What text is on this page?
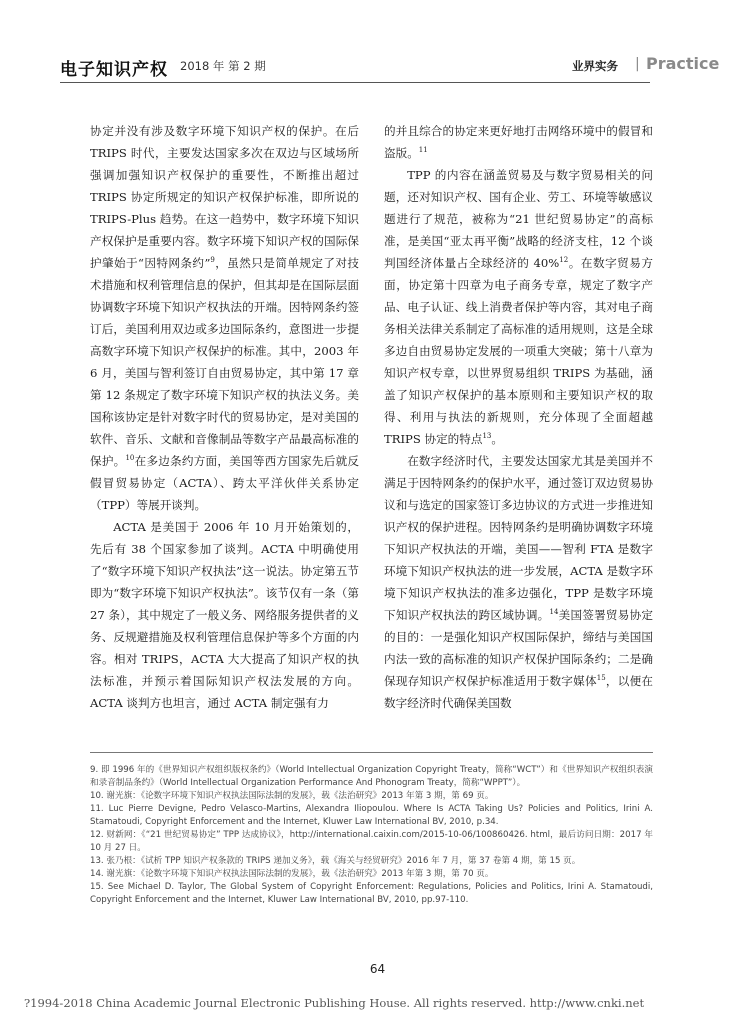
电子知识产权 2018 年 第 2 期	业界实务 | Practice

协定并没有涉及数字环境下知识产权的保护。在后 TRIPS 时代，主要发达国家多次在双边与区域场所强调加强知识产权保护的重要性，不断推出超过 TRIPS 协定所规定的知识产权保护标准，即所说的 TRIPS-Plus 趋势。在这一趋势中，数字环境下知识产权保护是重要内容。数字环境下知识产权的国际保护肇始于“因特网条约”$^9$，虽然只是简单规定了对技术措施和权利管理信息的保护，但其却是在国际层面协调数字环境下知识产权执法的开端。因特网条约签订后，美国利用双边或多边国际条约，意图进一步提高数字环境下知识产权保护的标准。其中，2003 年 6 月，美国与智利签订自由贸易协定，其中第 17 章第 12 条规定了数字环境下知识产权的执法义务。美国称该协定是针对数字时代的贸易协定，是对美国的软件、音乐、文献和音像制品等数字产品最高标准的保护。$^{10}$在多边条约方面，美国等西方国家先后就反假冒贸易协定（ACTA）、跨太平洋伙伴关系协定（TPP）等展开谈判。

ACTA 是美国于 2006 年 10 月开始策划的，先后有 38 个国家参加了谈判。ACTA 中明确使用了“数字环境下知识产权执法”这一说法。协定第五节即为“数字环境下知识产权执法”。该节仅有一条（第 27 条），其中规定了一般义务、网络服务提供者的义务、反规避措施及权利管理信息保护等多个方面的内容。相对 TRIPS，ACTA 大大提高了知识产权的执法标准，并预示着国际知识产权法发展的方向。ACTA 谈判方也坦言，通过 ACTA 制定强有力

的并且综合的协定来更好地打击网络环境中的假冒和盗版。$^{11}$

TPP 的内容在涵盖贸易及与数字贸易相关的问题，还对知识产权、国有企业、劳工、环境等敏感议题进行了规范，被称为“21 世纪贸易协定”的高标准，是美国“亚太再平衡”战略的经济支柱，12 个谈判国经济体量占全球经济的 40%$^{12}$。在数字贸易方面，协定第十四章为电子商务专章，规定了数字产品、电子认证、线上消费者保护等内容，其对电子商务相关法律关系制定了高标准的适用规则，这是全球多边自由贸易协定发展的一项重大突破；第十八章为知识产权专章，以世界贸易组织 TRIPS 为基础，涵盖了知识产权保护的基本原则和主要知识产权的取得、利用与执法的新规则，充分体现了全面超越 TRIPS 协定的特点$^{13}$。

在数字经济时代，主要发达国家尤其是美国并不满足于因特网条约的保护水平，通过签订双边贸易协议和与选定的国家签订多边协议的方式进一步推进知识产权的保护进程。因特网条约是明确协调数字环境下知识产权执法的开端，美国——智利 FTA 是数字环境下知识产权执法的进一步发展，ACTA 是数字环境下知识产权执法的准多边强化，TPP 是数字环境下知识产权执法的跨区域协调。$^{14}$美国签署贸易协定的目的：一是强化知识产权国际保护，缔结与美国国内法一致的高标准的知识产权保护国际条约；二是确保现存知识产权保护标准适用于数字媒体$^{15}$，以便在数字经济时代确保美国数

9. 即 1996 年的《世界知识产权组织版权条约》（World Intellectual Organization Copyright Treaty，简称“WCT”）和《世界知识产权组织表演和录音制品条约》（World Intellectual Organization Performance And Phonogram Treaty，简称“WPPT”）。

10. 谢光旗：《论数字环境下知识产权执法国际法制的发展》，载《法治研究》2013 年第 3 期，第 69 页。

11. Luc Pierre Devigne, Pedro Velasco-Martins, Alexandra Iliopoulou. Where Is ACTA Taking Us? Policies and Politics, Irini A. Stamatoudi, Copyright Enforcement and the Internet, Kluwer Law International BV, 2010, p.34.

12. 财新网：《“21 世纪贸易协定” TPP 达成协议》，http://international.caixin.com/2015-10-06/100860426. html，最后访问日期：2017 年 10 月 27 日。

13. 张乃根：《试析 TPP 知识产权条款的 TRIPS 递加义务》，载《海关与经贸研究》2016 年 7 月，第 37 卷第 4 期，第 15 页。

14. 谢光旗：《论数字环境下知识产权执法国际法制的发展》，载《法治研究》2013 年第 3 期，第 70 页。

15. See Michael D. Taylor, The Global System of Copyright Enforcement: Regulations, Policies and Politics, Irini A. Stamatoudi, Copyright Enforcement and the Internet, Kluwer Law International BV, 2010, pp.97-110.

64
?1994-2018 China Academic Journal Electronic Publishing House. All rights reserved. http://www.cnki.net
